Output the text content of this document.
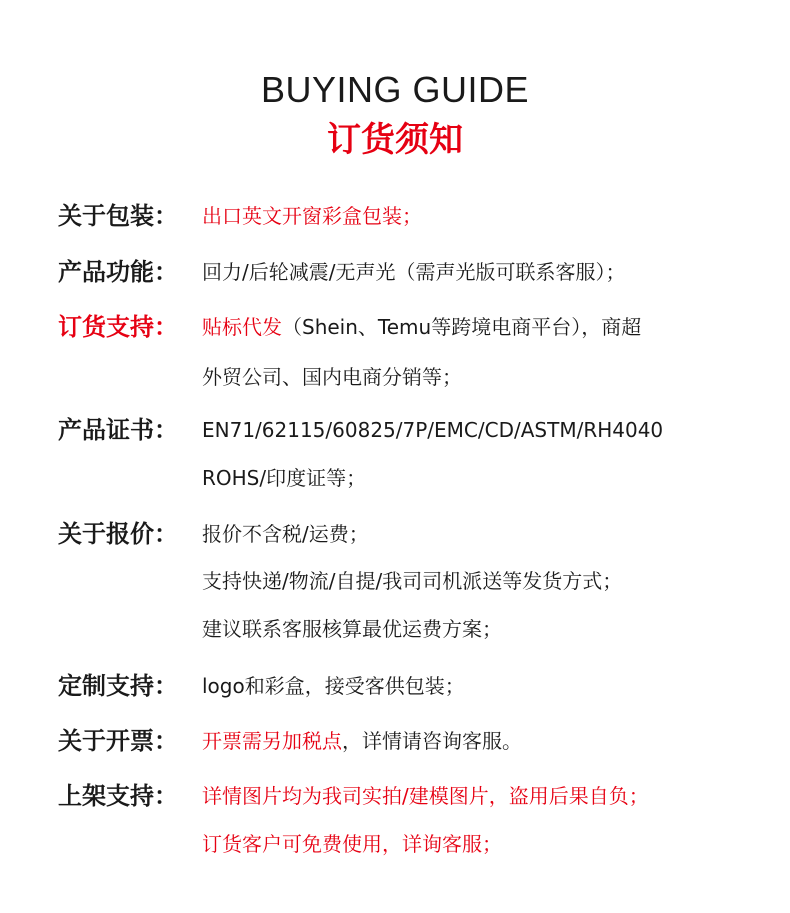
BUYING GUIDE
订货须知
关于包装： 出口英文开窗彩盒包装；
产品功能： 回力/后轮减震/无声光（需声光版可联系客服）；
订货支持： 贴标代发（Shein、Temu等跨境电商平台），商超
外贸公司、国内电商分销等；
产品证书： EN71/62115/60825/7P/EMC/CD/ASTM/RH4040
ROHS/印度证等；
关于报价： 报价不含税/运费；
支持快递/物流/自提/我司司机派送等发货方式；
建议联系客服核算最优运费方案；
定制支持： logo和彩盒，接受客供包装；
关于开票： 开票需另加税点，详情请咨询客服。
上架支持： 详情图片均为我司实拍/建模图片，盗用后果自负；
订货客户可免费使用，详询客服；
